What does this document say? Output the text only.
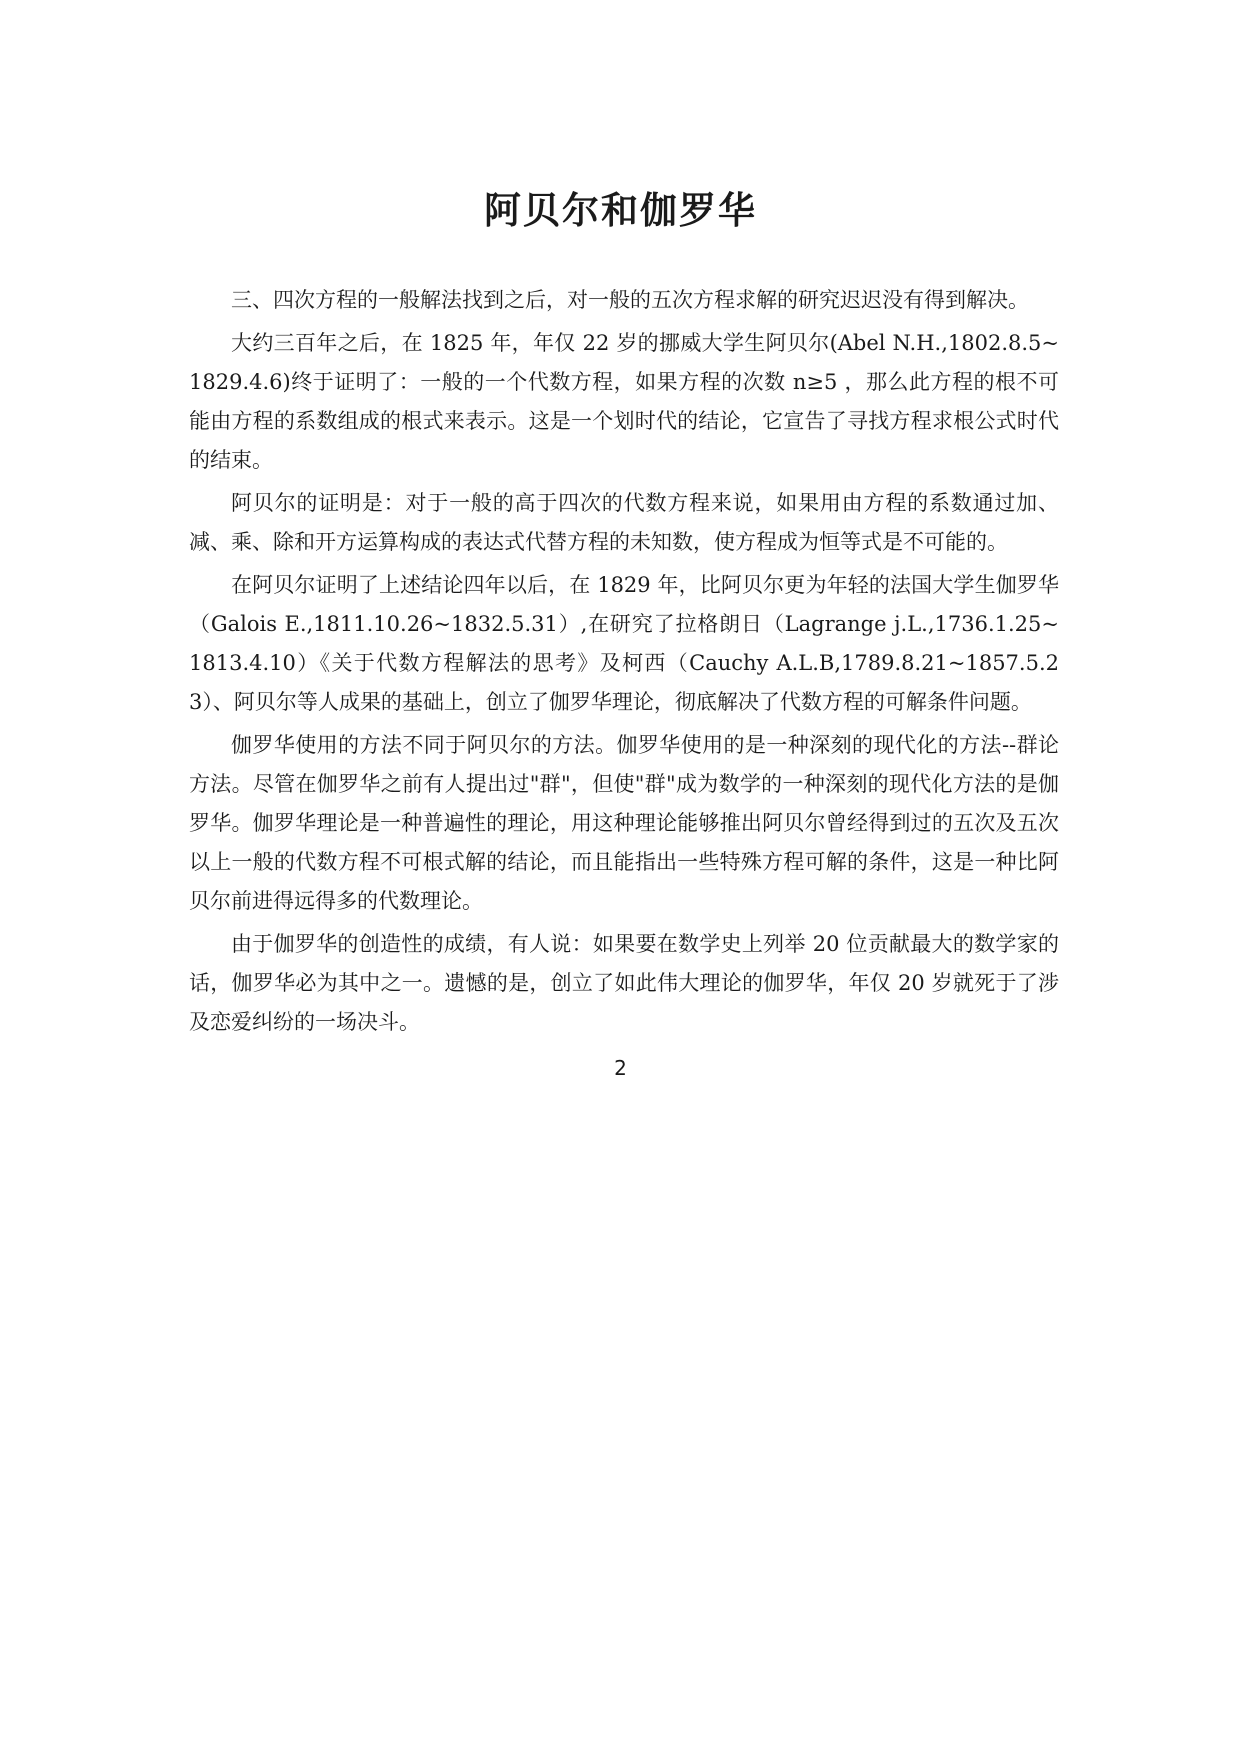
阿贝尔和伽罗华

三、四次方程的一般解法找到之后，对一般的五次方程求解的研究迟迟没有得到解决。

大约三百年之后，在 1825 年，年仅 22 岁的挪威大学生阿贝尔(Abel N.H.,1802.8.5~1829.4.6)终于证明了：一般的一个代数方程，如果方程的次数 n≥5 ，那么此方程的根不可能由方程的系数组成的根式来表示。这是一个划时代的结论，它宣告了寻找方程求根公式时代的结束。

阿贝尔的证明是：对于一般的高于四次的代数方程来说，如果用由方程的系数通过加、减、乘、除和开方运算构成的表达式代替方程的未知数，使方程成为恒等式是不可能的。

在阿贝尔证明了上述结论四年以后，在 1829 年，比阿贝尔更为年轻的法国大学生伽罗华（Galois E.,1811.10.26~1832.5.31）,在研究了拉格朗日（Lagrange j.L.,1736.1.25~1813.4.10）《关于代数方程解法的思考》及柯西（Cauchy A.L.B,1789.8.21~1857.5.23）、阿贝尔等人成果的基础上，创立了伽罗华理论，彻底解决了代数方程的可解条件问题。

伽罗华使用的方法不同于阿贝尔的方法。伽罗华使用的是一种深刻的现代化的方法--群论方法。尽管在伽罗华之前有人提出过"群"，但使"群"成为数学的一种深刻的现代化方法的是伽罗华。伽罗华理论是一种普遍性的理论，用这种理论能够推出阿贝尔曾经得到过的五次及五次以上一般的代数方程不可根式解的结论，而且能指出一些特殊方程可解的条件，这是一种比阿贝尔前进得远得多的代数理论。

由于伽罗华的创造性的成绩，有人说：如果要在数学史上列举 20 位贡献最大的数学家的话，伽罗华必为其中之一。遗憾的是，创立了如此伟大理论的伽罗华，年仅 20 岁就死于了涉及恋爱纠纷的一场决斗。

2
